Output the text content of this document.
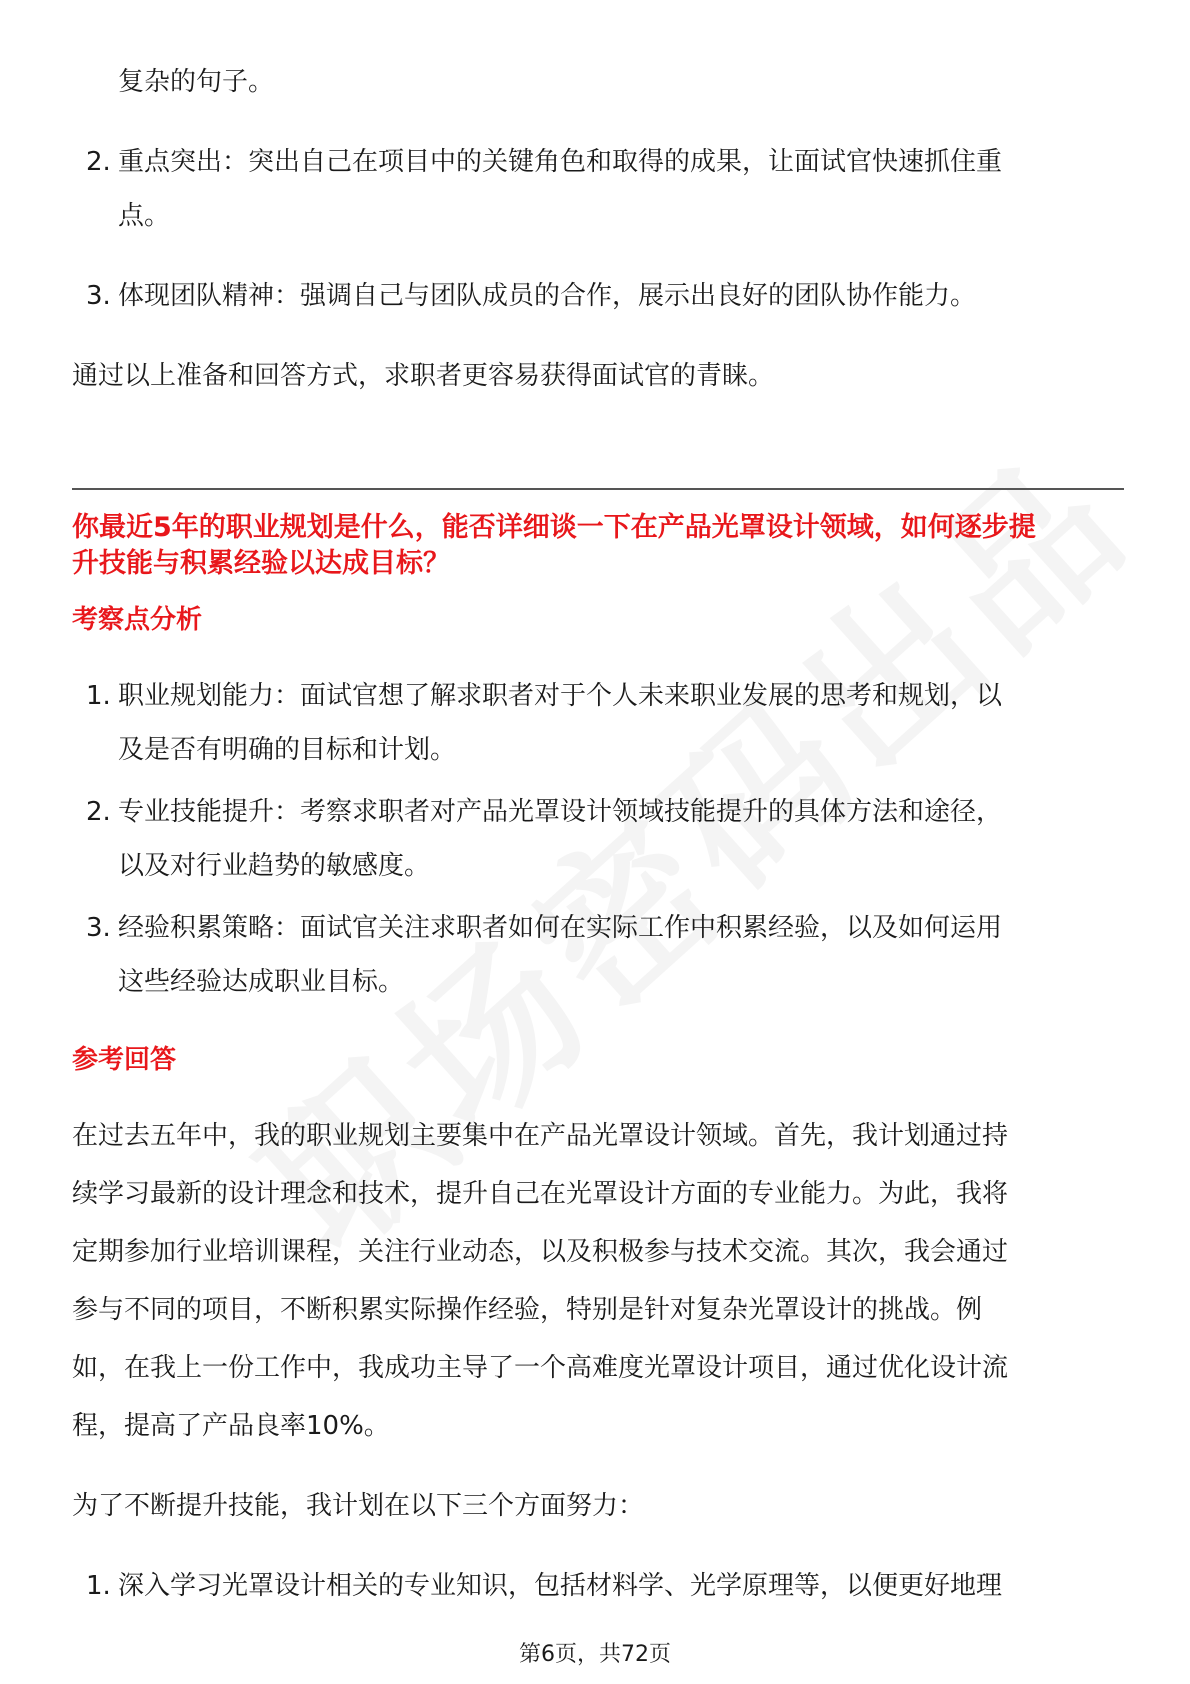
复杂的句子。
2. 重点突出：突出自己在项目中的关键角色和取得的成果，让面试官快速抓住重
点。
3. 体现团队精神：强调自己与团队成员的合作，展示出良好的团队协作能力。
通过以上准备和回答方式，求职者更容易获得面试官的青睐。
你最近5年的职业规划是什么，能否详细谈一下在产品光罩设计领域，如何逐步提
升技能与积累经验以达成目标？
考察点分析
1. 职业规划能力：面试官想了解求职者对于个人未来职业发展的思考和规划，以
及是否有明确的目标和计划。
2. 专业技能提升：考察求职者对产品光罩设计领域技能提升的具体方法和途径，
以及对行业趋势的敏感度。
3. 经验积累策略：面试官关注求职者如何在实际工作中积累经验，以及如何运用
这些经验达成职业目标。
参考回答
在过去五年中，我的职业规划主要集中在产品光罩设计领域。首先，我计划通过持
续学习最新的设计理念和技术，提升自己在光罩设计方面的专业能力。为此，我将
定期参加行业培训课程，关注行业动态，以及积极参与技术交流。其次，我会通过
参与不同的项目，不断积累实际操作经验，特别是针对复杂光罩设计的挑战。例
如，在我上一份工作中，我成功主导了一个高难度光罩设计项目，通过优化设计流
程，提高了产品良率10%。
为了不断提升技能，我计划在以下三个方面努力：
1. 深入学习光罩设计相关的专业知识，包括材料学、光学原理等，以便更好地理
第6页，共72页
